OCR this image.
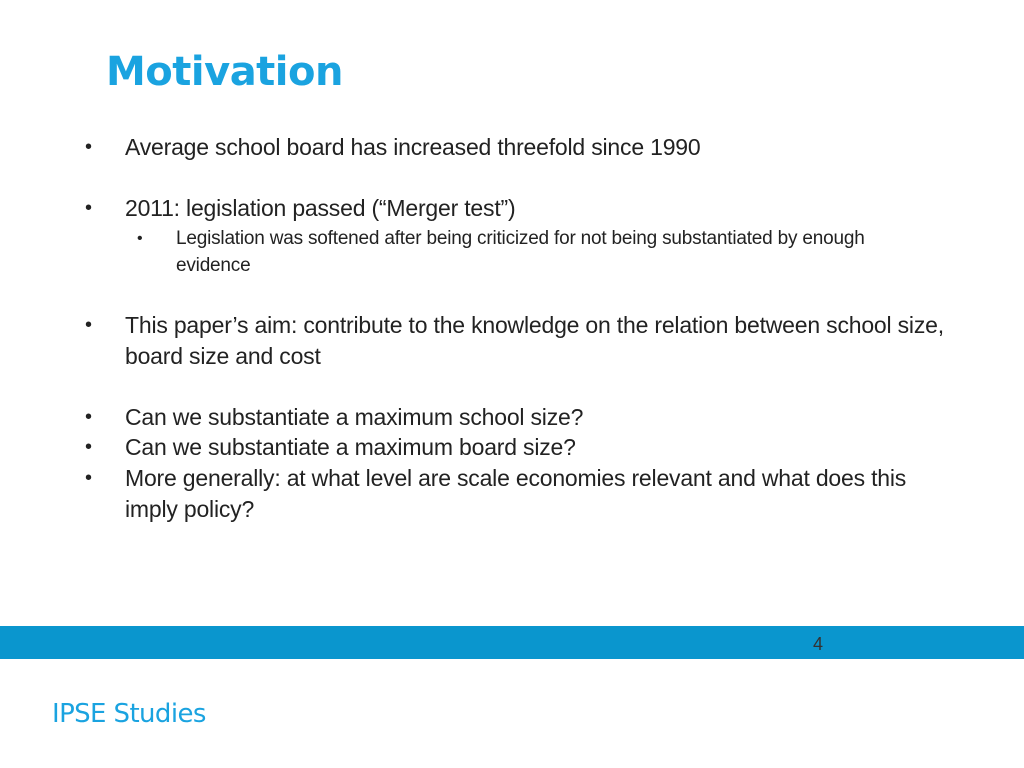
Motivation
• Average school board has increased threefold since 1990
• 2011: legislation passed (“Merger test”)
• Legislation was softened after being criticized for not being substantiated by enough evidence
• This paper’s aim: contribute to the knowledge on the relation between school size, board size and cost
• Can we substantiate a maximum school size?
• Can we substantiate a maximum board size?
• More generally: at what level are scale economies relevant and what does this imply policy?
4
IPSE Studies
